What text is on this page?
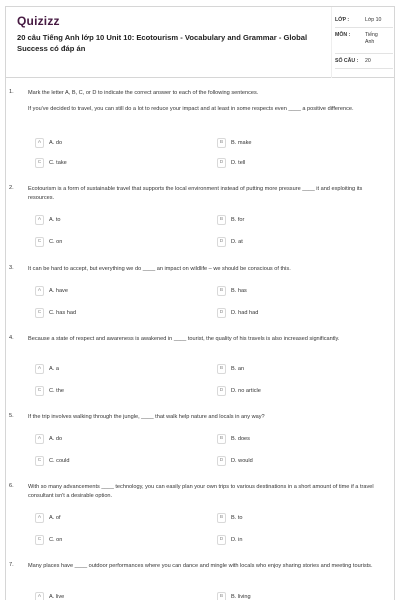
Quizizz
20 câu Tiếng Anh lớp 10 Unit 10: Ecotourism - Vocabulary and Grammar - Global Success có đáp án
LỚP :	Lớp 10
MÔN :	Tiếng Anh
SỐ CÂU : 20
Mark the letter A, B, C, or D to indicate the correct answer to each of the following sentences.
1.
If you've decided to travel, you can still do a lot to reduce your impact and at least in some respects even ____ a positive difference.
A	A. do	B	B. make
C	C. take	D	D. tell
2.	Ecotourism is a form of sustainable travel that supports the local environment instead of putting more pressure ____ it and exploiting its resources.
A	A. to	B	B. for
C	C. on	D	D. at
3.	It can be hard to accept, but everything we do ____ an impact on wildlife – we should be conscious of this.
A	A. have	B	B. has
C	C. has had	D	D. had had
4.	Because a state of respect and awareness is awakened in ____ tourist, the quality of his travels is also increased significantly.
A	A. a	B	B. an
C	C. the	D	D. no article
5.	If the trip involves walking through the jungle, ____ that walk help nature and locals in any way?
A	A. do	B	B. does
C	C. could	D	D. would
6.	With so many advancements ____ technology, you can easily plan your own trips to various destinations in a short amount of time if a travel consultant isn't a desirable option.
A	A. of	B	B. to
C	C. on	D	D. in
7.	Many places have ____ outdoor performances where you can dance and mingle with locals who enjoy sharing stories and meeting tourists.
A	A. live	B	B. living
